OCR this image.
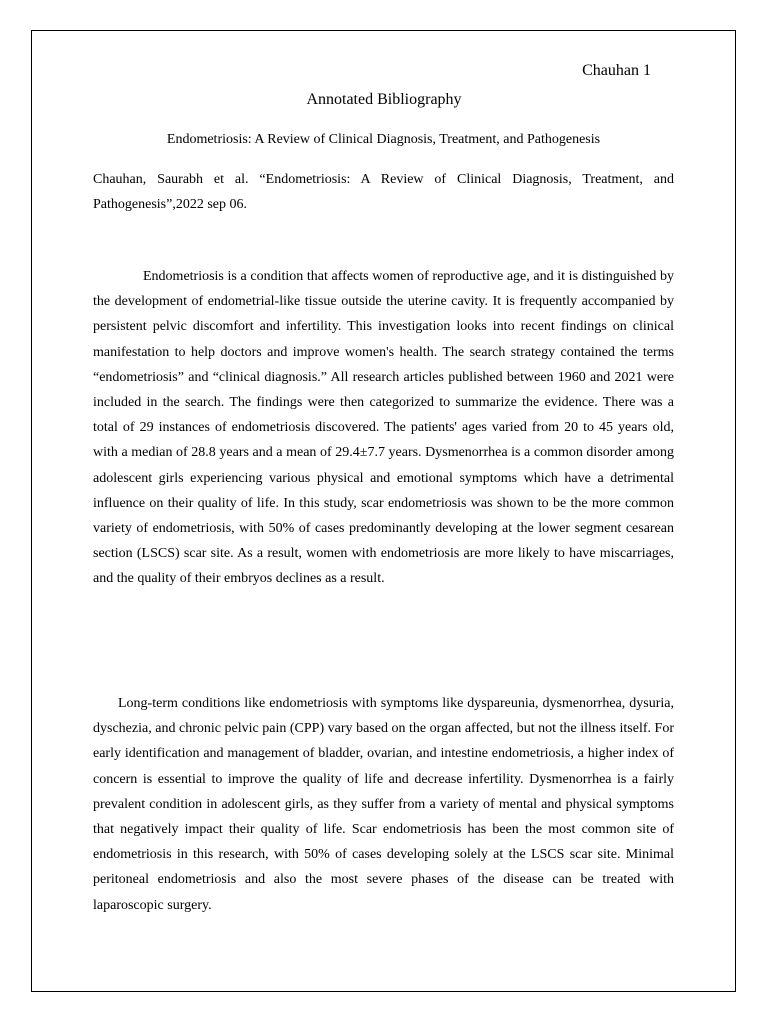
Chauhan 1
Annotated Bibliography
Endometriosis: A Review of Clinical Diagnosis, Treatment, and Pathogenesis
Chauhan, Saurabh et al. “Endometriosis: A Review of Clinical Diagnosis, Treatment, and Pathogenesis”,2022 sep 06.

Endometriosis is a condition that affects women of reproductive age, and it is distinguished by the development of endometrial-like tissue outside the uterine cavity. It is frequently accompanied by persistent pelvic discomfort and infertility. This investigation looks into recent findings on clinical manifestation to help doctors and improve women's health. The search strategy contained the terms “endometriosis” and “clinical diagnosis.” All research articles published between 1960 and 2021 were included in the search. The findings were then categorized to summarize the evidence. There was a total of 29 instances of endometriosis discovered. The patients' ages varied from 20 to 45 years old, with a median of 28.8 years and a mean of 29.4±7.7 years. Dysmenorrhea is a common disorder among adolescent girls experiencing various physical and emotional symptoms which have a detrimental influence on their quality of life. In this study, scar endometriosis was shown to be the more common variety of endometriosis, with 50% of cases predominantly developing at the lower segment cesarean section (LSCS) scar site. As a result, women with endometriosis are more likely to have miscarriages, and the quality of their embryos declines as a result.

Long-term conditions like endometriosis with symptoms like dyspareunia, dysmenorrhea, dysuria, dyschezia, and chronic pelvic pain (CPP) vary based on the organ affected, but not the illness itself. For early identification and management of bladder, ovarian, and intestine endometriosis, a higher index of concern is essential to improve the quality of life and decrease infertility. Dysmenorrhea is a fairly prevalent condition in adolescent girls, as they suffer from a variety of mental and physical symptoms that negatively impact their quality of life. Scar endometriosis has been the most common site of endometriosis in this research, with 50% of cases developing solely at the LSCS scar site. Minimal peritoneal endometriosis and also the most severe phases of the disease can be treated with laparoscopic surgery.
